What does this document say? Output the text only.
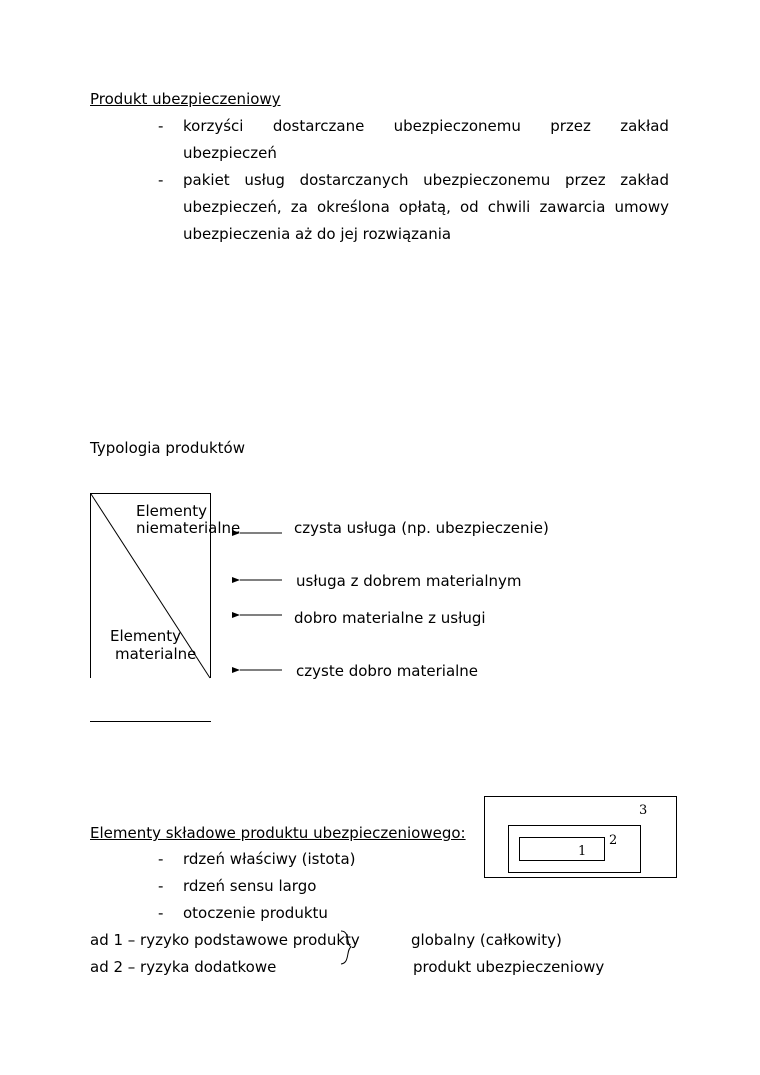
Produkt ubezpieczeniowy
- korzyści dostarczane ubezpieczonemu przez zakład
ubezpieczeń
- pakiet usług dostarczanych ubezpieczonemu przez zakład
ubezpieczeń, za określona opłatą, od chwili zawarcia umowy
ubezpieczenia aż do jej rozwiązania
Typologia produktów
Elementy
niematerialne
Elementy
materialne
czysta usługa (np. ubezpieczenie)
usługa z dobrem materialnym
dobro materialne z usługi
czyste dobro materialne
Elementy składowe produktu ubezpieczeniowego:
- rdzeń właściwy (istota)
- rdzeń sensu largo
- otoczenie produktu
ad 1 – ryzyko podstawowe produkty
ad 2 – ryzyka dodatkowe
globalny (całkowity)
produkt ubezpieczeniowy
3
2
1
